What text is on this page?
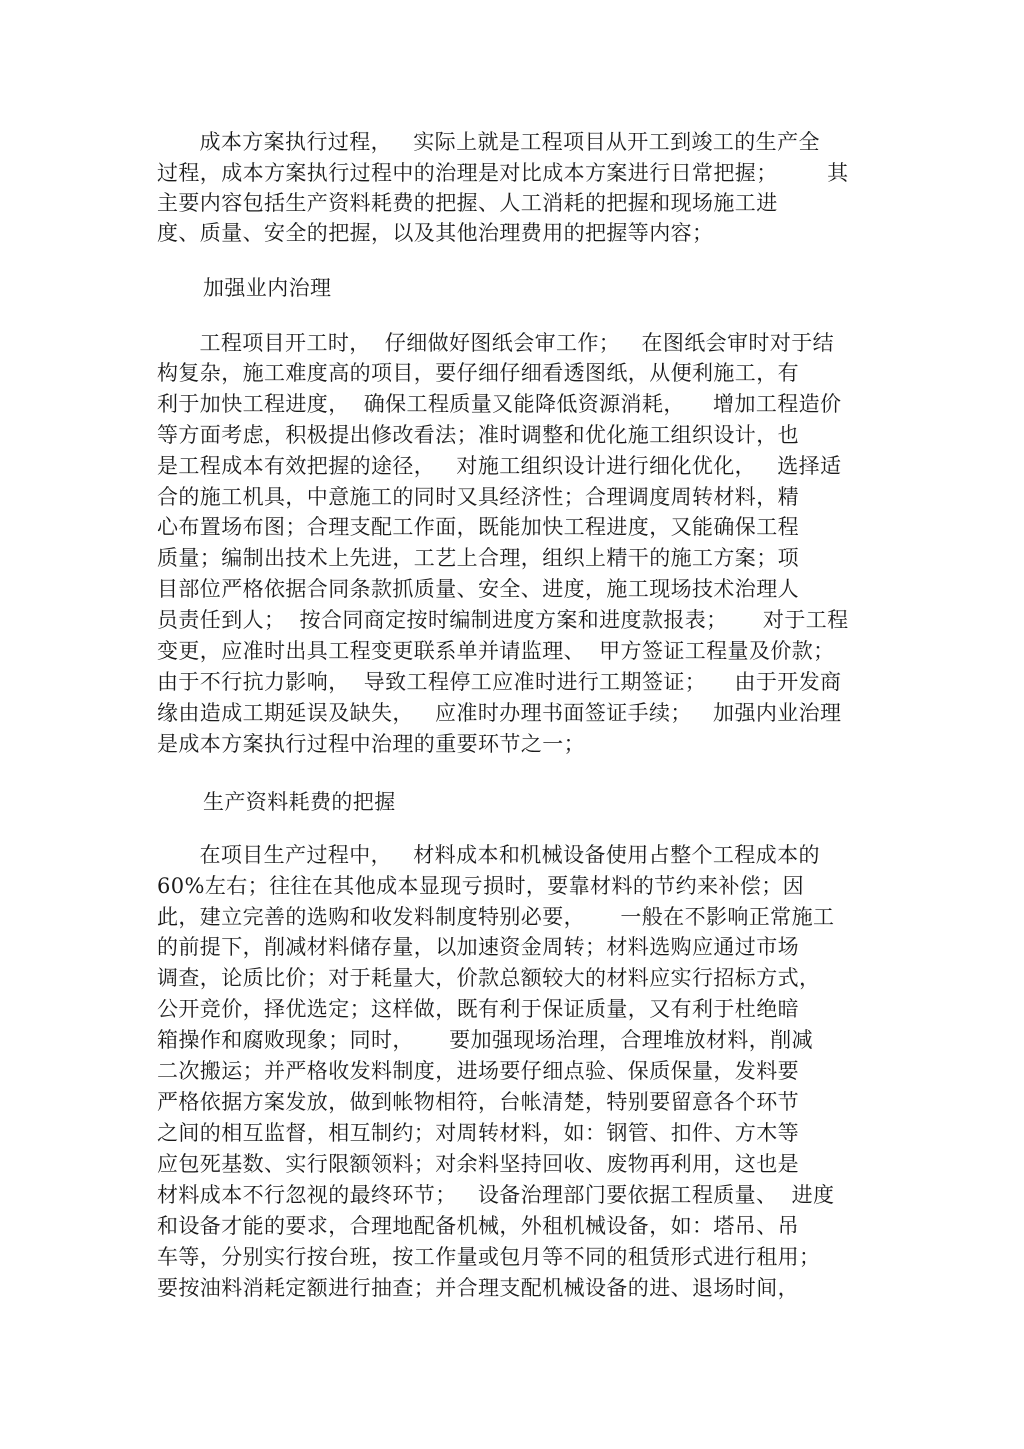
成本方案执行过程，   实际上就是工程项目从开工到竣工的生产全
过程，成本方案执行过程中的治理是对比成本方案进行日常把握；       其
主要内容包括生产资料耗费的把握、人工消耗的把握和现场施工进
度、质量、安全的把握，以及其他治理费用的把握等内容；
加强业内治理
工程项目开工时，  仔细做好图纸会审工作；   在图纸会审时对于结
构复杂，施工难度高的项目，要仔细仔细看透图纸，从便利施工，有
利于加快工程进度，  确保工程质量又能降低资源消耗，    增加工程造价
等方面考虑，积极提出修改看法；准时调整和优化施工组织设计，也
是工程成本有效把握的途径，   对施工组织设计进行细化优化，   选择适
合的施工机具，中意施工的同时又具经济性；合理调度周转材料，精
心布置场布图；合理支配工作面，既能加快工程进度，又能确保工程
质量；编制出技术上先进，工艺上合理，组织上精干的施工方案；项
目部位严格依据合同条款抓质量、安全、进度，施工现场技术治理人
员责任到人；  按合同商定按时编制进度方案和进度款报表；     对于工程
变更，应准时出具工程变更联系单并请监理、  甲方签证工程量及价款；
由于不行抗力影响，  导致工程停工应准时进行工期签证；    由于开发商
缘由造成工期延误及缺失，   应准时办理书面签证手续；   加强内业治理
是成本方案执行过程中治理的重要环节之一；
生产资料耗费的把握
在项目生产过程中，   材料成本和机械设备使用占整个工程成本的
60%左右；往往在其他成本显现亏损时，要靠材料的节约来补偿；因
此，建立完善的选购和收发料制度特别必要，     一般在不影响正常施工
的前提下，削减材料储存量，以加速资金周转；材料选购应通过市场
调查，论质比价；对于耗量大，价款总额较大的材料应实行招标方式，
公开竞价，择优选定；这样做，既有利于保证质量，又有利于杜绝暗
箱操作和腐败现象；同时，     要加强现场治理，合理堆放材料，削减
二次搬运；并严格收发料制度，进场要仔细点验、保质保量，发料要
严格依据方案发放，做到帐物相符，台帐清楚，特别要留意各个环节
之间的相互监督，相互制约；对周转材料，如：钢管、扣件、方木等
应包死基数、实行限额领料；对余料坚持回收、废物再利用，这也是
材料成本不行忽视的最终环节；   设备治理部门要依据工程质量、  进度
和设备才能的要求，合理地配备机械，外租机械设备，如：塔吊、吊
车等，分别实行按台班，按工作量或包月等不同的租赁形式进行租用；
要按油料消耗定额进行抽查；并合理支配机械设备的进、退场时间，
